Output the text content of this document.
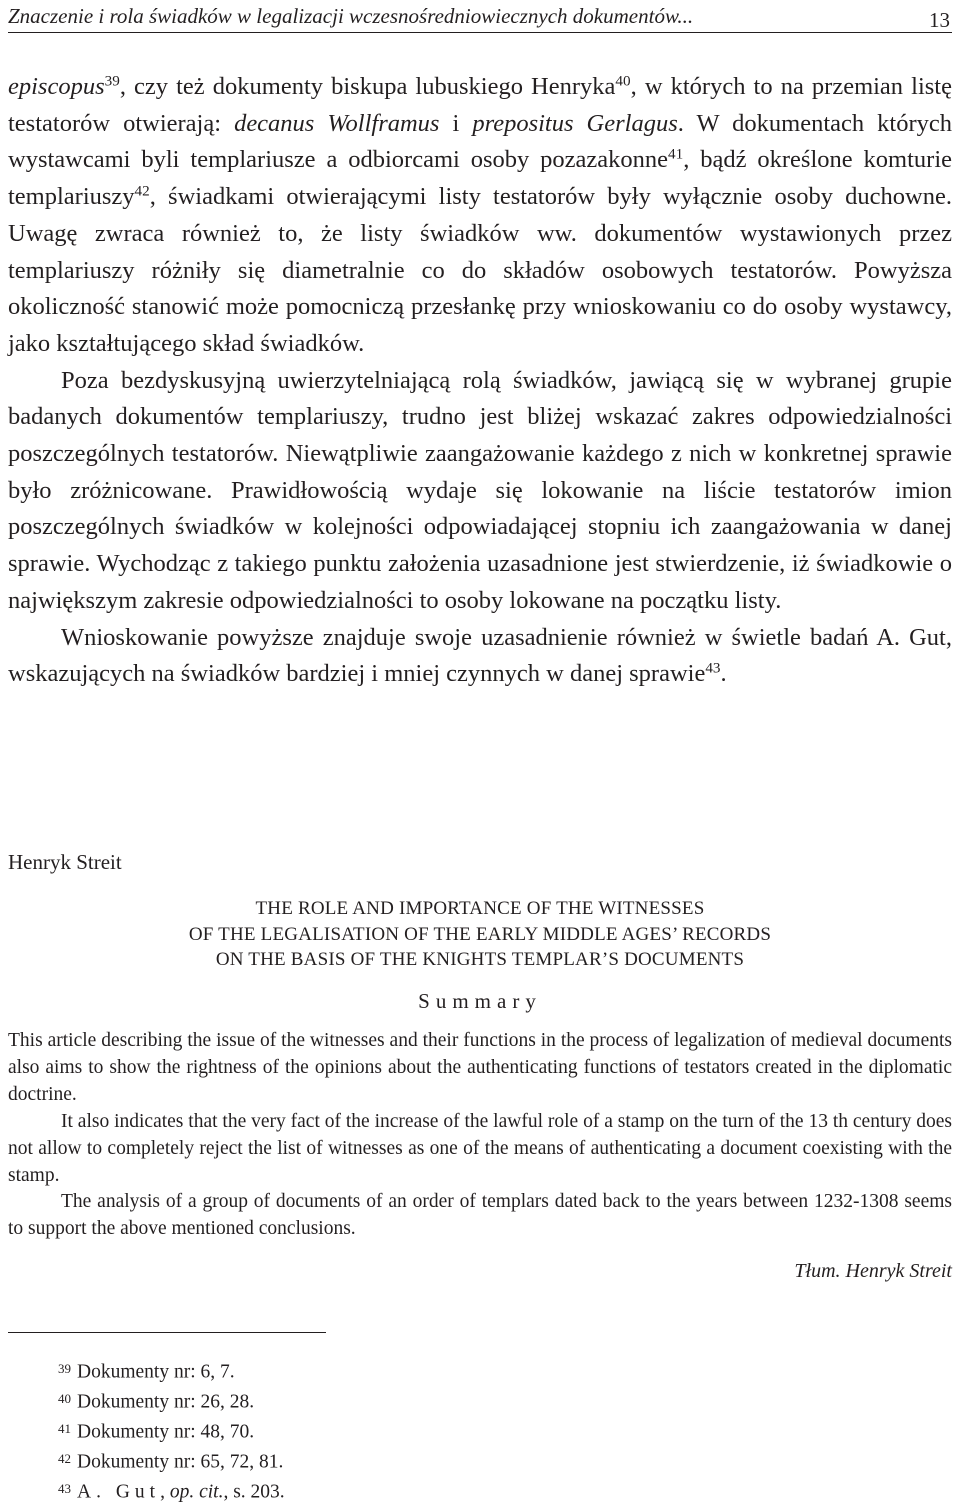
Znaczenie i rola świadków w legalizacji wczesnośredniowiecznych dokumentów...	13

episcopus$^{39}$, czy też dokumenty biskupa lubuskiego Henryka$^{40}$, w których to na przemian listę testatorów otwierają: decanus Wollframus i prepositus Gerlagus. W dokumentach których wystawcami byli templariusze a odbiorcami osoby pozazakonne$^{41}$, bądź określone komturie templariuszy$^{42}$, świadkami otwierającymi listy testatorów były wyłącznie osoby duchowne. Uwagę zwraca również to, że listy świadków ww. dokumentów wystawionych przez templariuszy różniły się diametralnie co do składów osobowych testatorów. Powyższa okoliczność stanowić może pomocniczą przesłankę przy wnioskowaniu co do osoby wystawcy, jako kształtującego skład świadków.

Poza bezdyskusyjną uwierzytelniającą rolą świadków, jawiącą się w wybranej grupie badanych dokumentów templariuszy, trudno jest bliżej wskazać zakres odpowiedzialności poszczególnych testatorów. Niewątpliwie zaangażowanie każdego z nich w konkretnej sprawie było zróżnicowane. Prawidłowością wydaje się lokowanie na liście testatorów imion poszczególnych świadków w kolejności odpowiadającej stopniu ich zaangażowania w danej sprawie. Wychodząc z takiego punktu założenia uzasadnione jest stwierdzenie, iż świadkowie o największym zakresie odpowiedzialności to osoby lokowane na początku listy.

Wnioskowanie powyższe znajduje swoje uzasadnienie również w świetle badań A. Gut, wskazujących na świadków bardziej i mniej czynnych w danej sprawie$^{43}$.

Henryk Streit
THE ROLE AND IMPORTANCE OF THE WITNESSES
OF THE LEGALISATION OF THE EARLY MIDDLE AGES’ RECORDS
ON THE BASIS OF THE KNIGHTS TEMPLAR’S DOCUMENTS
Summary

This article describing the issue of the witnesses and their functions in the process of legalization of medieval documents also aims to show the rightness of the opinions about the authenticating functions of testators created in the diplomatic doctrine.

It also indicates that the very fact of the increase of the lawful role of a stamp on the turn of the 13 th century does not allow to completely reject the list of witnesses as one of the means of authenticating a document coexisting with the stamp.

The analysis of a group of documents of an order of templars dated back to the years between 1232-1308 seems to support the above mentioned conclusions.

Tłum. Henryk Streit
$^{39}$ Dokumenty nr: 6, 7.
$^{40}$ Dokumenty nr: 26, 28.
$^{41}$ Dokumenty nr: 48, 70.
$^{42}$ Dokumenty nr: 65, 72, 81.
$^{43}$ A. Gut, op. cit., s. 203.
